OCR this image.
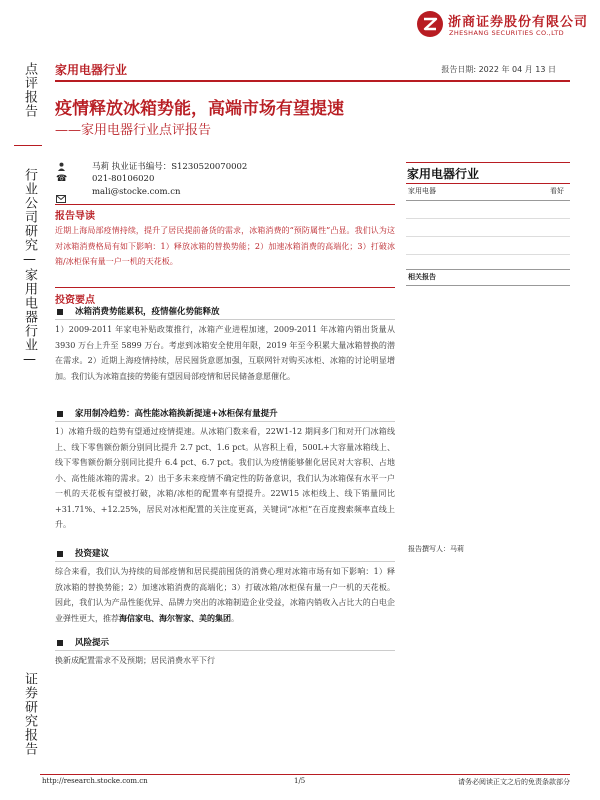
浙商证券股份有限公司
ZHESHANG SECURITIES CO.,LTD
家用电器行业	报告日期: 2022 年 04 月 13 日
点评报告
行业公司研究—家用电器行业—
证券研究报告
疫情释放冰箱势能，高端市场有望提速
——家用电器行业点评报告
马莉 执业证书编号：S1230520070002
☎	021-80106020
mali@stocke.com.cn
报告导读
近期上海局部疫情持续，提升了居民提前备货的需求，冰箱消费的“预防属性”凸显。我们认为这对冰箱消费格局有如下影响：1）释放冰箱的替换势能；2）加速冰箱消费的高端化；3）打破冰箱/冰柜保有量一户一机的天花板。
投资要点
冰箱消费势能累积，疫情催化势能释放
1）2009-2011 年家电补贴政策推行，冰箱产业进程加速，2009-2011 年冰箱内销出货量从 3930 万台上升至 5899 万台。考虑到冰箱安全使用年限，2019 年至今积累大量冰箱替换的潜在需求。2）近期上海疫情持续，居民囤货意愿加强，互联网针对购买冰柜、冰箱的讨论明显增加。我们认为冰箱直接的势能有望因局部疫情和居民储备意愿催化。
家用制冷趋势：高性能冰箱换新提速+冰柜保有量提升
1）冰箱升级的趋势有望通过疫情提速。从冰箱门数来看，22W1-12 期间多门和对开门冰箱线上、线下零售额份额分别同比提升 2.7 pct、1.6 pct。从容积上看，500L+大容量冰箱线上、线下零售额份额分别同比提升 6.4 pct、6.7 pct。我们认为疫情能够催化居民对大容积、占地小、高性能冰箱的需求。2）出于多未来疫情不确定性的防备意识，我们认为冰箱保有水平一户一机的天花板有望被打破，冰箱/冰柜的配置率有望提升。22W15 冰柜线上、线下销量同比+31.71%、+12.25%，居民对冰柜配置的关注度更高，关键词“冰柜”在百度搜索频率直线上升。
投资建议
综合来看，我们认为持续的局部疫情和居民提前囤货的消费心理对冰箱市场有如下影响：1）释放冰箱的替换势能；2）加速冰箱消费的高端化；3）打破冰箱/冰柜保有量一户一机的天花板。因此，我们认为产品性能优异、品牌力突出的冰箱制造企业受益，冰箱内销收入占比大的白电企业弹性更大，推荐海信家电、海尔智家、美的集团。
风险提示
换新成配置需求不及预期；居民消费水平下行
家用电器行业
家用电器	看好
相关报告
报告撰写人：马莉
http://research.stocke.com.cn	1/5	请务必阅读正文之后的免责条款部分
